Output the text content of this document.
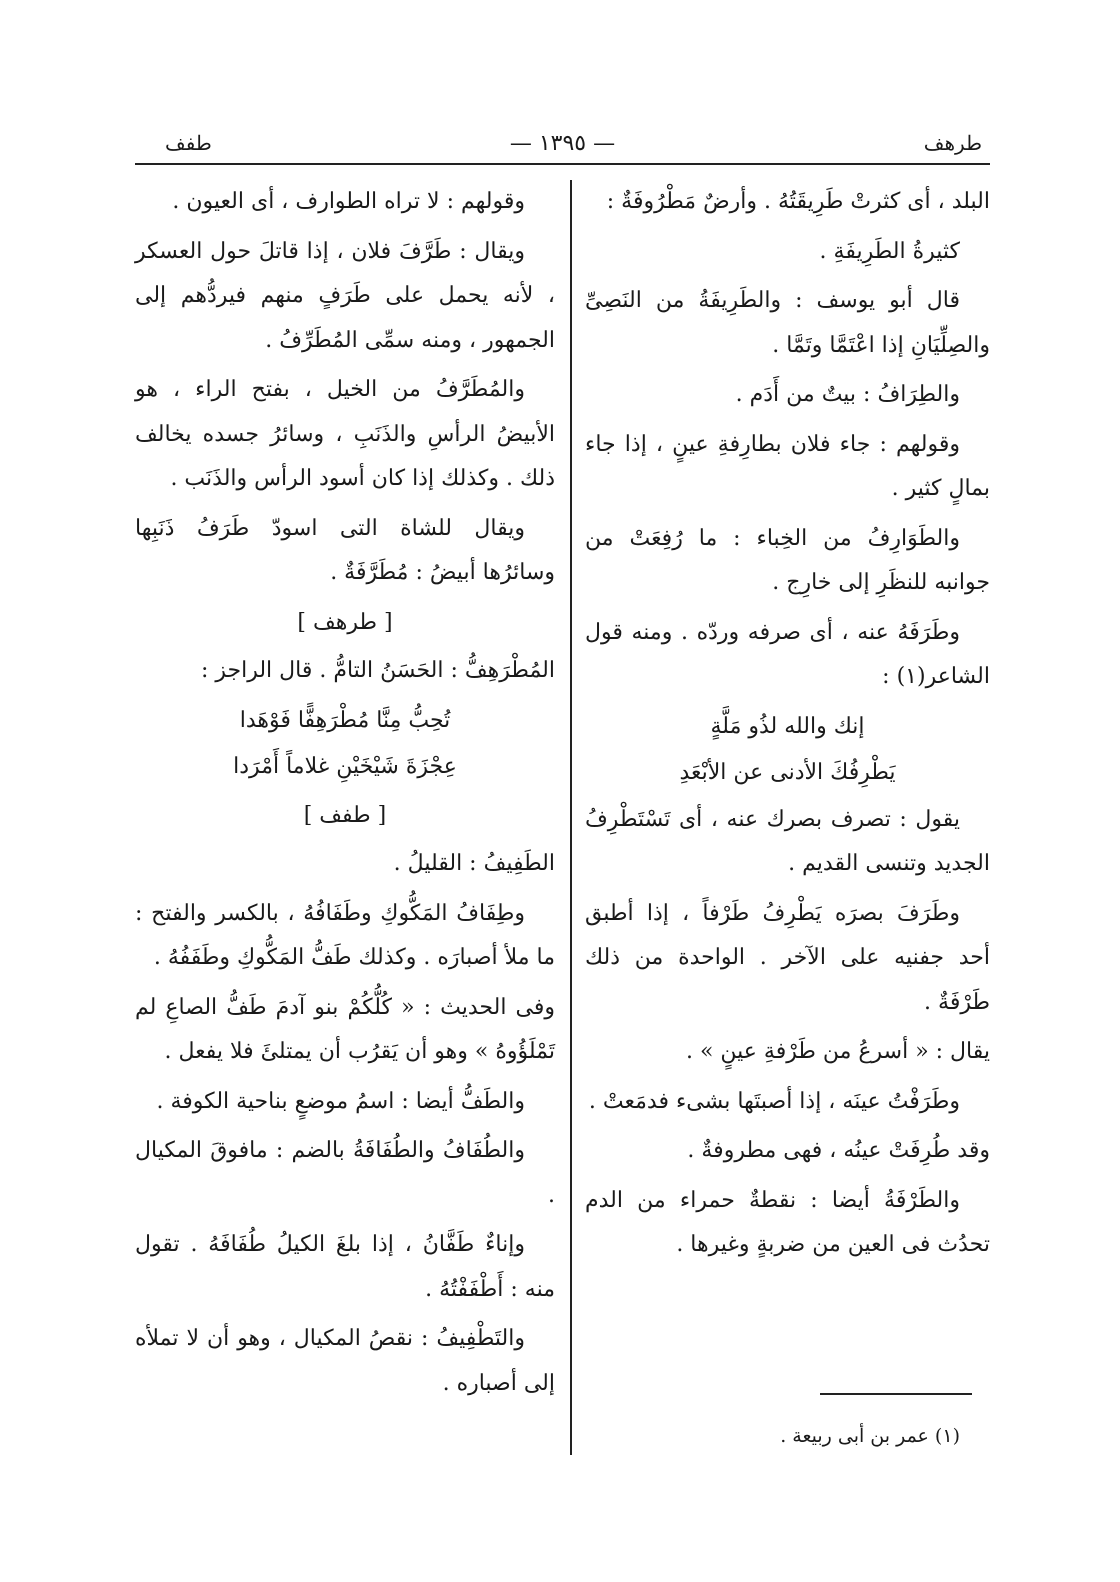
طرهف
— ١٣٩٥ —
طفف

البلد ، أى كثرتْ طَرِيقَتُهُ . وأرضٌ مَطْرُوفَةٌ :

كثيرةُ الطَرِيفَةِ .

قال أبو يوسف : والطَرِيفَةُ من النَصِىِّ والصِلِّيَانِ إذا اعْتَمَّا وتَمَّا .

والطِرَافُ : بيتٌ من أَدَم .

وقولهم : جاء فلان بطارِفةِ عينٍ ، إذا جاء بمالٍ كثير .

والطَوَارِفُ من الخِباء : ما رُفِعَتْ من جوانبه للنظَرِ إلى خارِج .

وطَرَفَهُ عنه ، أى صرفه وردّه . ومنه قول الشاعر(١) :

إنك والله لذُو مَلَّةٍ

يَطْرِفُكَ الأدنى عن الأبْعَدِ

يقول : تصرف بصرك عنه ، أى تَسْتَطْرِفُ الجديد وتنسى القديم .

وطَرَفَ بصرَه يَطْرِفُ طَرْفاً ، إذا أطبق أحد جفنيه على الآخر . الواحدة من ذلك طَرْفَةٌ .

يقال : « أسرعُ من طَرْفةِ عينٍ » .

وطَرَفْتُ عينَه ، إذا أصبتَها بشىء فدمَعتْ .

وقد طُرِفَتْ عينُه ، فهى مطروفةٌ .

والطَرْفَةُ أيضا : نقطةٌ حمراء من الدم تحدُث فى العين من ضربةٍ وغيرها .

وقولهم : لا تراه الطوارف ، أى العيون .

ويقال : طَرَّفَ فلان ، إذا قاتلَ حول العسكر ، لأنه يحمل على طَرَفٍ منهم فيردُّهم إلى الجمهور ، ومنه سمِّى المُطَرِّفُ .

والمُطَرَّفُ من الخيل ، بفتح الراء ، هو الأبيضُ الرأسِ والذَنَبِ ، وسائرُ جسده يخالف ذلك . وكذلك إذا كان أسود الرأس والذَنَب .

ويقال للشاة التى اسودّ طَرَفُ ذَنَبِها وسائرُها أبيضُ : مُطَرَّفَةٌ .

[ طرهف ]

المُطْرَهِفُّ : الحَسَنُ التامُّ . قال الراجز :

تُحِبُّ مِنَّا مُطْرَهِفًّا فَوْهَدا

عِجْزَةَ شَيْخَيْنِ غلاماً أَمْرَدا

[ طفف ]

الطَفِيفُ : القليلُ .

وطِفَافُ المَكُّوكِ وطَفَافُهُ ، بالكسر والفتح : ما ملأ أصبارَه . وكذلك طَفُّ المَكُّوكِ وطَفَفُهُ .

وفى الحديث : « كُلُّكُمْ بنو آدمَ طَفُّ الصاعِ لم تَمْلَؤُوهُ » وهو أن يَقرُب أن يمتلئَ فلا يفعل .

والطَفُّ أيضا : اسمُ موضعٍ بناحية الكوفة .

والطُفَافُ والطُفَافَةُ بالضم : مافوقَ المكيال .

وإناءٌ طَفَّانُ ، إذا بلغَ الكيلُ طُفَافَهُ . تقول منه : أَطْفَفْتُهُ .

والتَطْفِيفُ : نقصُ المكيال ، وهو أن لا تملأه إلى أصباره .

(١) عمر بن أبى ربيعة .
